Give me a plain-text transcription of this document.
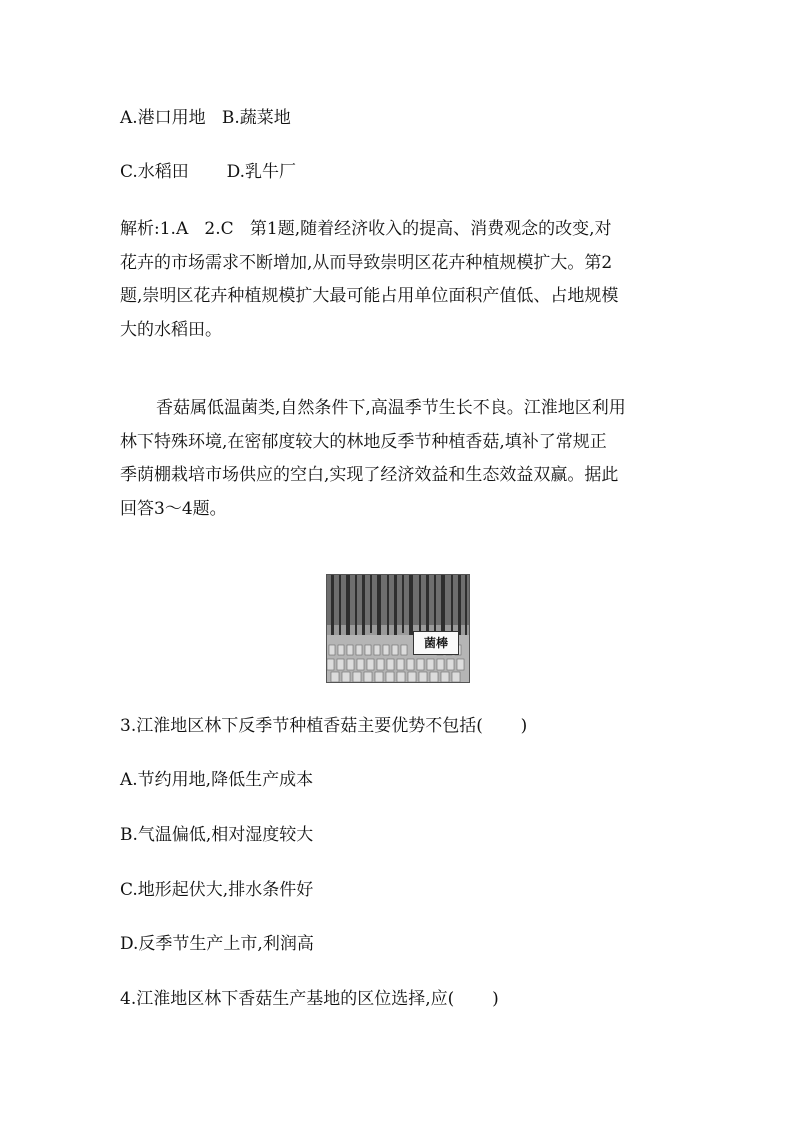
A.港口用地   B.蔬菜地
C.水稻田       D.乳牛厂
解析:1.A   2.C   第1题,随着经济收入的提高、消费观念的改变,对
花卉的市场需求不断增加,从而导致崇明区花卉种植规模扩大。第2
题,崇明区花卉种植规模扩大最可能占用单位面积产值低、占地规模
大的水稻田。
香菇属低温菌类,自然条件下,高温季节生长不良。江淮地区利用
林下特殊环境,在密郁度较大的林地反季节种植香菇,填补了常规正
季荫棚栽培市场供应的空白,实现了经济效益和生态效益双赢。据此
回答3～4题。
菌棒
3.江淮地区林下反季节种植香菇主要优势不包括(       )
A.节约用地,降低生产成本
B.气温偏低,相对湿度较大
C.地形起伏大,排水条件好
D.反季节生产上市,利润高
4.江淮地区林下香菇生产基地的区位选择,应(       )
